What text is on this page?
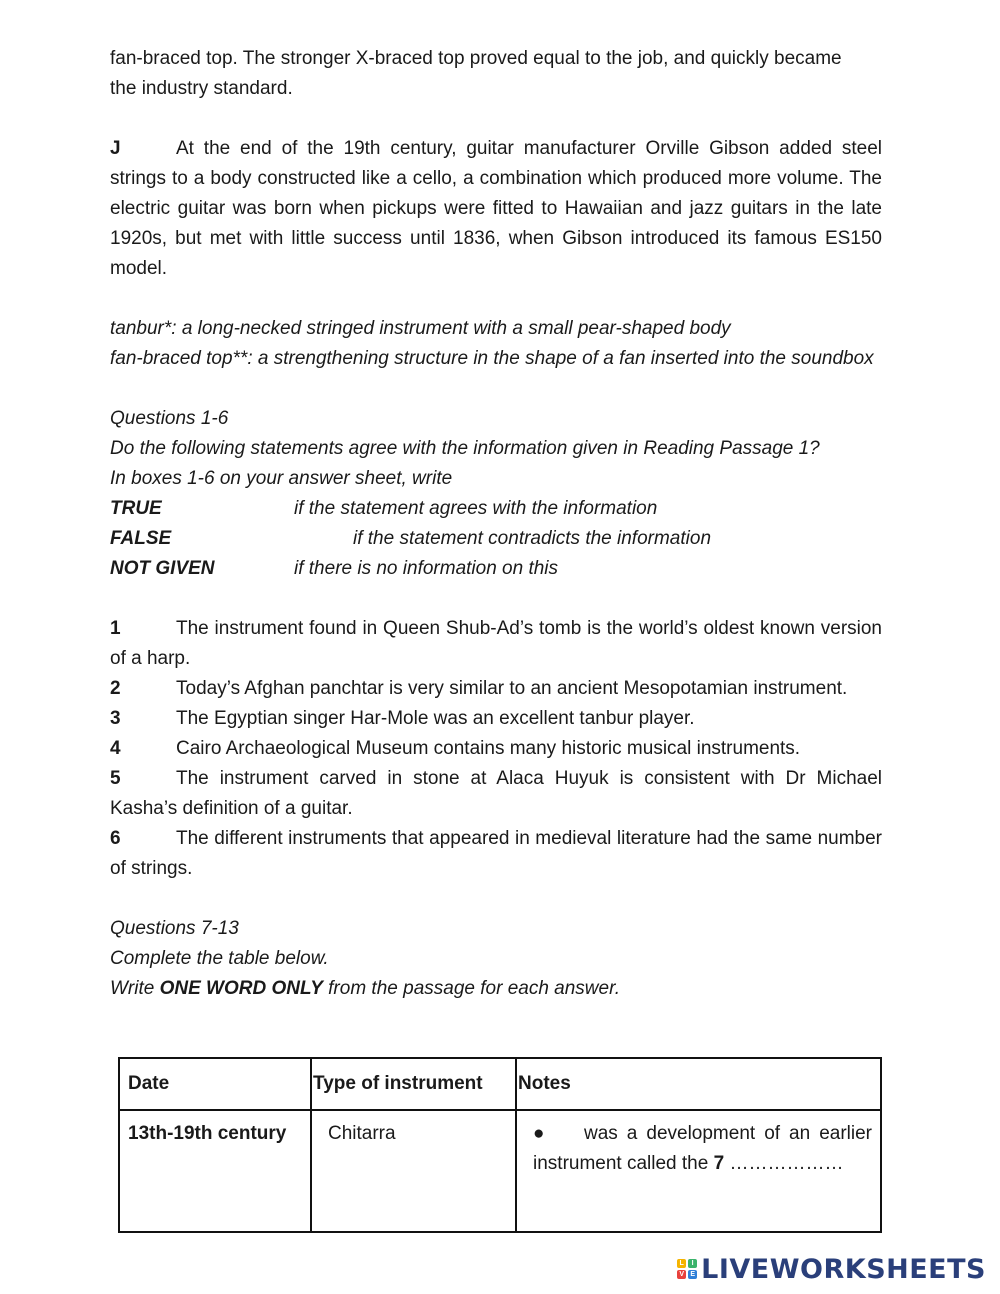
fan-braced top. The stronger X-braced top proved equal to the job, and quickly became

the industry standard.

J	At the end of the 19th century, guitar manufacturer Orville Gibson added steel strings to a body constructed like a cello, a combination which produced more volume. The electric guitar was born when pickups were fitted to Hawaiian and jazz guitars in the late 1920s, but met with little success until 1836, when Gibson introduced its famous ES150 model.

tanbur*: a long-necked stringed instrument with a small pear-shaped body

fan-braced top**: a strengthening structure in the shape of a fan inserted into the soundbox

Questions 1-6

Do the following statements agree with the information given in Reading Passage 1?

In boxes 1-6 on your answer sheet, write

TRUE	if the statement agrees with the information
FALSE	if the statement contradicts the information
NOT GIVEN	if there is no information on this

1	The instrument found in Queen Shub-Ad’s tomb is the world’s oldest known version of a harp.

2	Today’s Afghan panchtar is very similar to an ancient Mesopotamian instrument.

3	The Egyptian singer Har-Mole was an excellent tanbur player.

4	Cairo Archaeological Museum contains many historic musical instruments.

5	The instrument carved in stone at Alaca Huyuk is consistent with Dr Michael Kasha’s definition of a guitar.

6	The different instruments that appeared in medieval literature had the same number of strings.

Questions 7-13

Complete the table below.

Write ONE WORD ONLY from the passage for each answer.

Date	Type of instrument	Notes
13th-19th century	Chitarra	● was a development of an earlier instrument called the 7 ………………
L	I
V E LIVEWORKSHEETS
